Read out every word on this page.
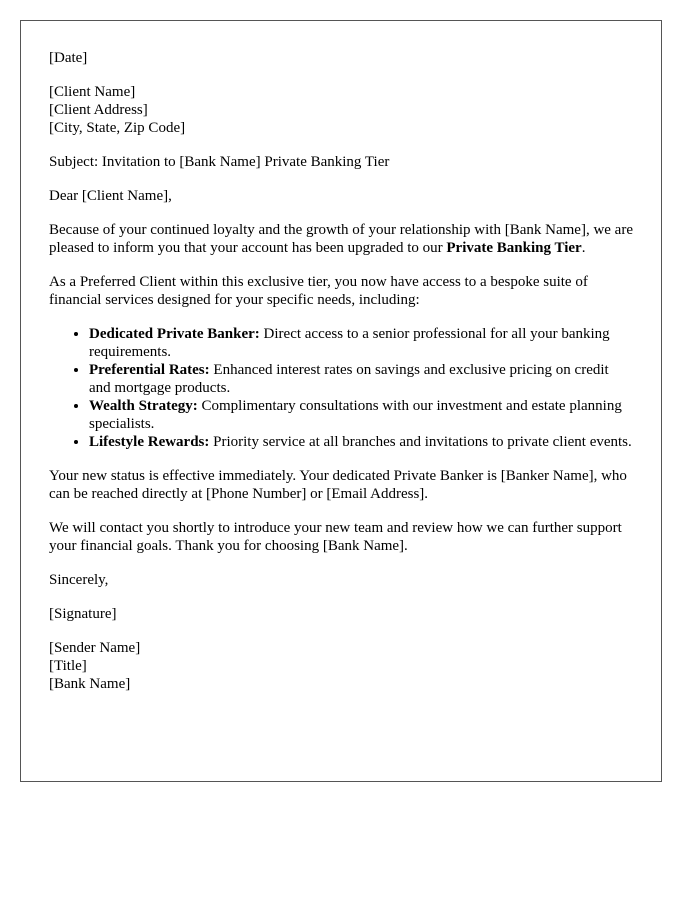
[Date]

[Client Name]
[Client Address]
[City, State, Zip Code]

Subject: Invitation to [Bank Name] Private Banking Tier

Dear [Client Name],

Because of your continued loyalty and the growth of your relationship with [Bank Name], we are pleased to inform you that your account has been upgraded to our Private Banking Tier.

As a Preferred Client within this exclusive tier, you now have access to a bespoke suite of financial services designed for your specific needs, including:

• Dedicated Private Banker: Direct access to a senior professional for all your banking requirements.
• Preferential Rates: Enhanced interest rates on savings and exclusive pricing on credit and mortgage products.
• Wealth Strategy: Complimentary consultations with our investment and estate planning specialists.
• Lifestyle Rewards: Priority service at all branches and invitations to private client events.

Your new status is effective immediately. Your dedicated Private Banker is [Banker Name], who can be reached directly at [Phone Number] or [Email Address].

We will contact you shortly to introduce your new team and review how we can further support your financial goals. Thank you for choosing [Bank Name].

Sincerely,

[Signature]

[Sender Name]
[Title]
[Bank Name]
